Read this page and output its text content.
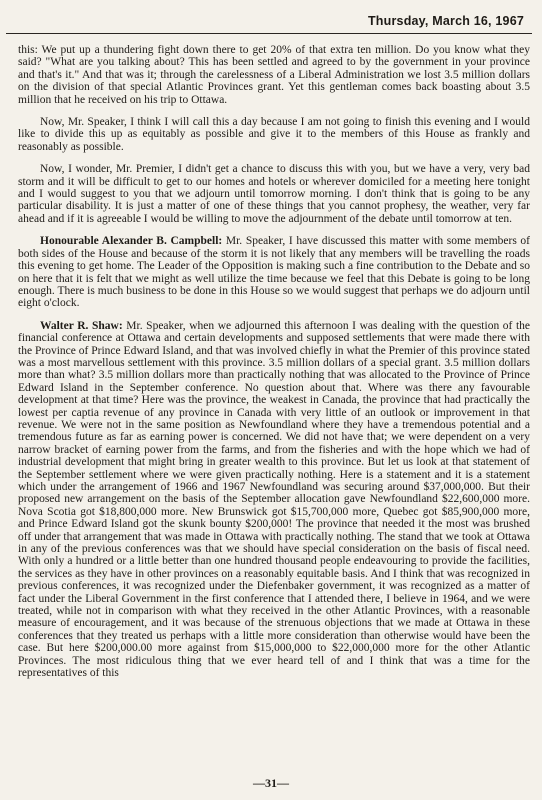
Thursday, March 16, 1967

this: We put up a thundering fight down there to get 20% of that extra ten million. Do you know what they said? "What are you talking about? This has been settled and agreed to by the government in your province and that's it." And that was it; through the carelessness of a Liberal Administration we lost 3.5 million dollars on the division of that special Atlantic Provinces grant. Yet this gentleman comes back boasting about 3.5 million that he received on his trip to Ottawa.

Now, Mr. Speaker, I think I will call this a day because I am not going to finish this evening and I would like to divide this up as equitably as possible and give it to the members of this House as frankly and reasonably as possible.

Now, I wonder, Mr. Premier, I didn't get a chance to discuss this with you, but we have a very, very bad storm and it will be difficult to get to our homes and hotels or wherever domiciled for a meeting here tonight and I would suggest to you that we adjourn until tomorrow morning. I don't think that is going to be any particular disability. It is just a matter of one of these things that you cannot prophesy, the weather, very far ahead and if it is agreeable I would be willing to move the adjournment of the debate until tomorrow at ten.

Honourable Alexander B. Campbell: Mr. Speaker, I have discussed this matter with some members of both sides of the House and because of the storm it is not likely that any members will be travelling the roads this evening to get home. The Leader of the Opposition is making such a fine contribution to the Debate and so on here that it is felt that we might as well utilize the time because we feel that this Debate is going to be long enough. There is much business to be done in this House so we would suggest that perhaps we do adjourn until eight o'clock.

Walter R. Shaw: Mr. Speaker, when we adjourned this afternoon I was dealing with the question of the financial conference at Ottawa and certain developments and supposed settlements that were made there with the Province of Prince Edward Island, and that was involved chiefly in what the Premier of this province stated was a most marvellous settlement with this province. 3.5 million dollars of a special grant. 3.5 million dollars more than what? 3.5 million dollars more than practically nothing that was allocated to the Province of Prince Edward Island in the September conference. No question about that. Where was there any favourable development at that time? Here was the province, the weakest in Canada, the province that had practically the lowest per captia revenue of any province in Canada with very little of an outlook or improvement in that revenue. We were not in the same position as Newfoundland where they have a tremendous potential and a tremendous future as far as earning power is concerned. We did not have that; we were dependent on a very narrow bracket of earning power from the farms, and from the fisheries and with the hope which we had of industrial development that might bring in greater wealth to this province. But let us look at that statement of the September settlement where we were given practically nothing. Here is a statement and it is a statement which under the arrangement of 1966 and 1967 Newfoundland was securing around $37,000,000. But their proposed new arrangement on the basis of the September allocation gave Newfoundland $22,600,000 more. Nova Scotia got $18,800,000 more. New Brunswick got $15,700,000 more, Quebec got $85,900,000 more, and Prince Edward Island got the skunk bounty $200,000! The province that needed it the most was brushed off under that arrangement that was made in Ottawa with practically nothing. The stand that we took at Ottawa in any of the previous conferences was that we should have special consideration on the basis of fiscal need. With only a hundred or a little better than one hundred thousand people endeavouring to provide the facilities, the services as they have in other provinces on a reasonably equitable basis. And I think that was recognized in previous conferences, it was recognized under the Diefenbaker government, it was recognized as a matter of fact under the Liberal Government in the first conference that I attended there, I believe in 1964, and we were treated, while not in comparison with what they received in the other Atlantic Provinces, with a reasonable measure of encouragement, and it was because of the strenuous objections that we made at Ottawa in these conferences that they treated us perhaps with a little more consideration than otherwise would have been the case. But here $200,000.00 more against from $15,000,000 to $22,000,000 more for the other Atlantic Provinces. The most ridiculous thing that we ever heard tell of and I think that was a time for the representatives of this

—31—
